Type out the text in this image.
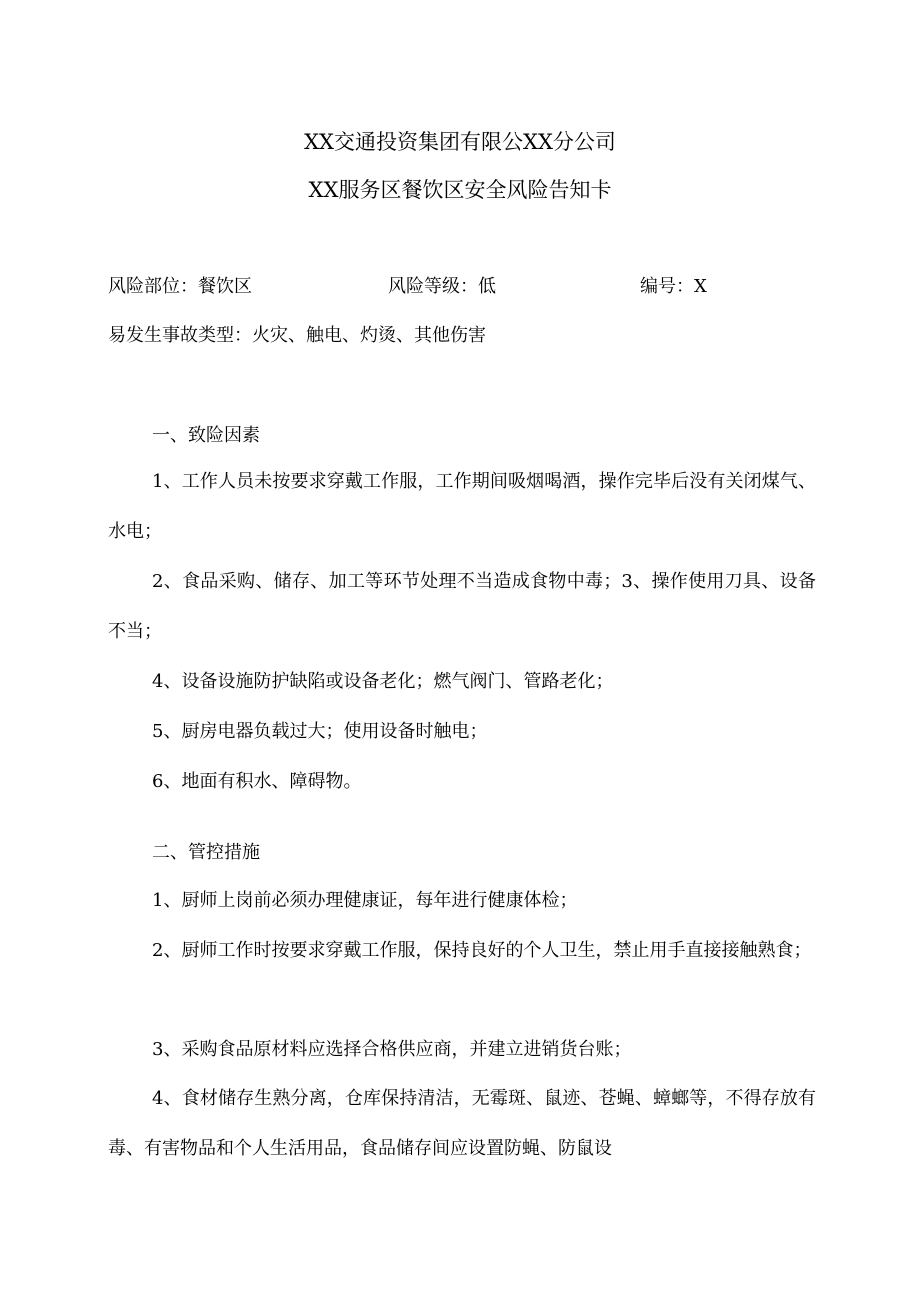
XX交通投资集团有限公XX分公司
XX服务区餐饮区安全风险告知卡
风险部位：餐饮区	风险等级：低	编号：X
易发生事故类型：火灾、触电、灼烫、其他伤害
一、致险因素
1、工作人员未按要求穿戴工作服，工作期间吸烟喝酒，操作完毕后没有关闭煤气、水电；
2、食品采购、储存、加工等环节处理不当造成食物中毒；3、操作使用刀具、设备不当；
4、设备设施防护缺陷或设备老化；燃气阀门、管路老化；
5、厨房电器负载过大；使用设备时触电；
6、地面有积水、障碍物。
二、管控措施
1、厨师上岗前必须办理健康证，每年进行健康体检；
2、厨师工作时按要求穿戴工作服，保持良好的个人卫生，禁止用手直接接触熟食；
3、采购食品原材料应选择合格供应商，并建立进销货台账；
4、食材储存生熟分离，仓库保持清洁，无霉斑、鼠迹、苍蝇、蟑螂等，不得存放有毒、有害物品和个人生活用品，食品储存间应设置防蝇、防鼠设
